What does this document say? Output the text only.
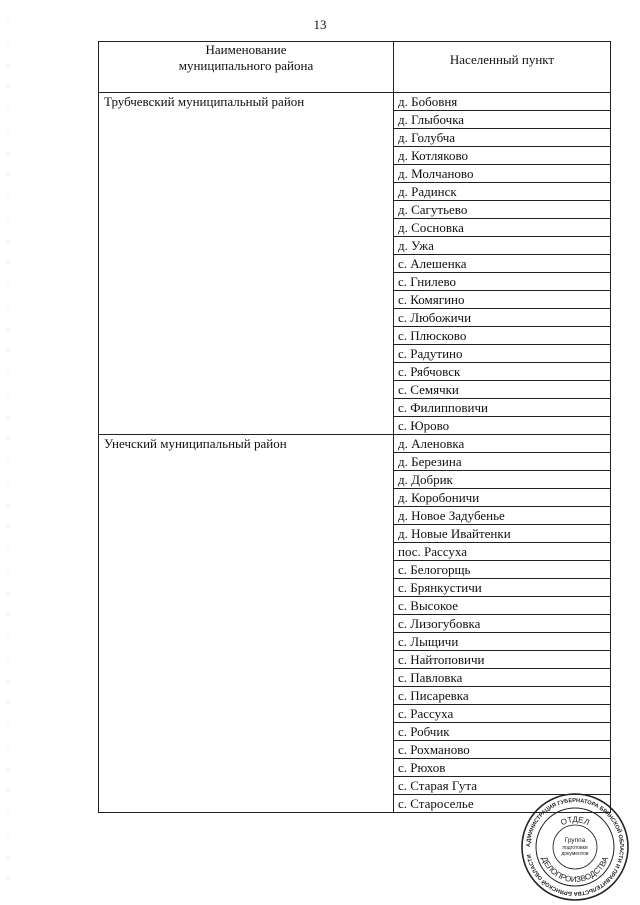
13
Наименование
муниципального района	Населенный пункт
Трубчевский муниципальный район	д. Бобовня
	д. Глыбочка
	д. Голубча
	д. Котляково
	д. Молчаново
	д. Радинск
	д. Сагутьево
	д. Сосновка
	д. Ужа
	с. Алешенка
	с. Гнилево
	с. Комягино
	с. Любожичи
	с. Плюсково
	с. Радутино
	с. Рябчовск
	с. Семячки
	с. Филипповичи
	с. Юрово
Унечский муниципальный район	д. Аленовка
	д. Березина
	д. Добрик
	д. Коробоничи
	д. Новое Задубенье
	д. Новые Ивайтенки
	пос. Рассуха
	с. Белогорщь
	с. Брянкустичи
	с. Высокое
	с. Лизогубовка
	с. Лыщичи
	с. Найтоповичи
	с. Павловка
	с. Писаревка
	с. Рассуха
	с. Робчик
	с. Рохманово
	с. Рюхов
	с. Старая Гута
	с. Староселье
АДМИНИСТРАЦИЯ ГУБЕРНАТОРА БРЯНСКОЙ ОБЛАСТИ И ПРАВИТЕЛЬСТВА БРЯНСКОЙ ОБЛАСТИ
ОТДЕЛ
ДЕЛОПРОИЗВОДСТВА
Группа
подготовки
документов
